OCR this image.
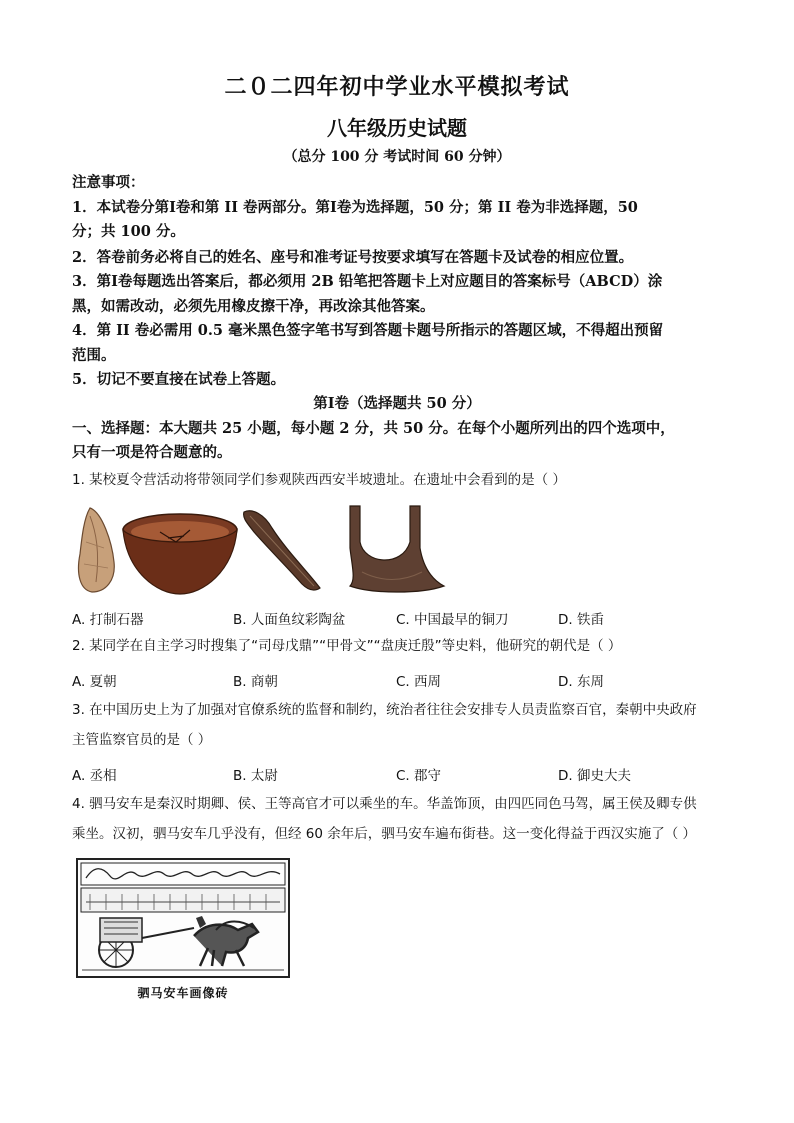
二０二四年初中学业水平模拟考试
八年级历史试题
（总分 100 分 考试时间 60 分钟）
注意事项：
1．本试卷分第Ⅰ卷和第 II 卷两部分。第Ⅰ卷为选择题，50 分；第 II 卷为非选择题，50
分；共 100 分。
2．答卷前务必将自己的姓名、座号和准考证号按要求填写在答题卡及试卷的相应位置。
3．第Ⅰ卷每题选出答案后，都必须用 2B 铅笔把答题卡上对应题目的答案标号（ABCD）涂
黑，如需改动，必须先用橡皮擦干净，再改涂其他答案。
4．第 II 卷必需用 0.5 毫米黑色签字笔书写到答题卡题号所指示的答题区域，不得超出预留
范围。
5．切记不要直接在试卷上答题。
第Ⅰ卷（选择题共 50 分）
一、选择题：本大题共 25 小题，每小题 2 分，共 50 分。在每个小题所列出的四个选项中，
只有一项是符合题意的。
1. 某校夏令营活动将带领同学们参观陕西西安半坡遗址。在遗址中会看到的是（ ）
A. 打制石器	B. 人面鱼纹彩陶盆	C. 中国最早的铜刀	D. 铁臿
2. 某同学在自主学习时搜集了“司母戊鼎”“甲骨文”“盘庚迁殷”等史料，他研究的朝代是（ ）
A. 夏朝	B. 商朝	C. 西周	D. 东周
3. 在中国历史上为了加强对官僚系统的监督和制约，统治者往往会安排专人员责监察百官，秦朝中央政府
主管监察官员的是（ ）
A. 丞相	B. 太尉	C. 郡守	D. 御史大夫
4. 驷马安车是秦汉时期卿、侯、王等高官才可以乘坐的车。华盖饰顶，由四匹同色马驾，属王侯及卿专供
乘坐。汉初，驷马安车几乎没有，但经 60 余年后，驷马安车遍布街巷。这一变化得益于西汉实施了（ ）
驷马安车画像砖
